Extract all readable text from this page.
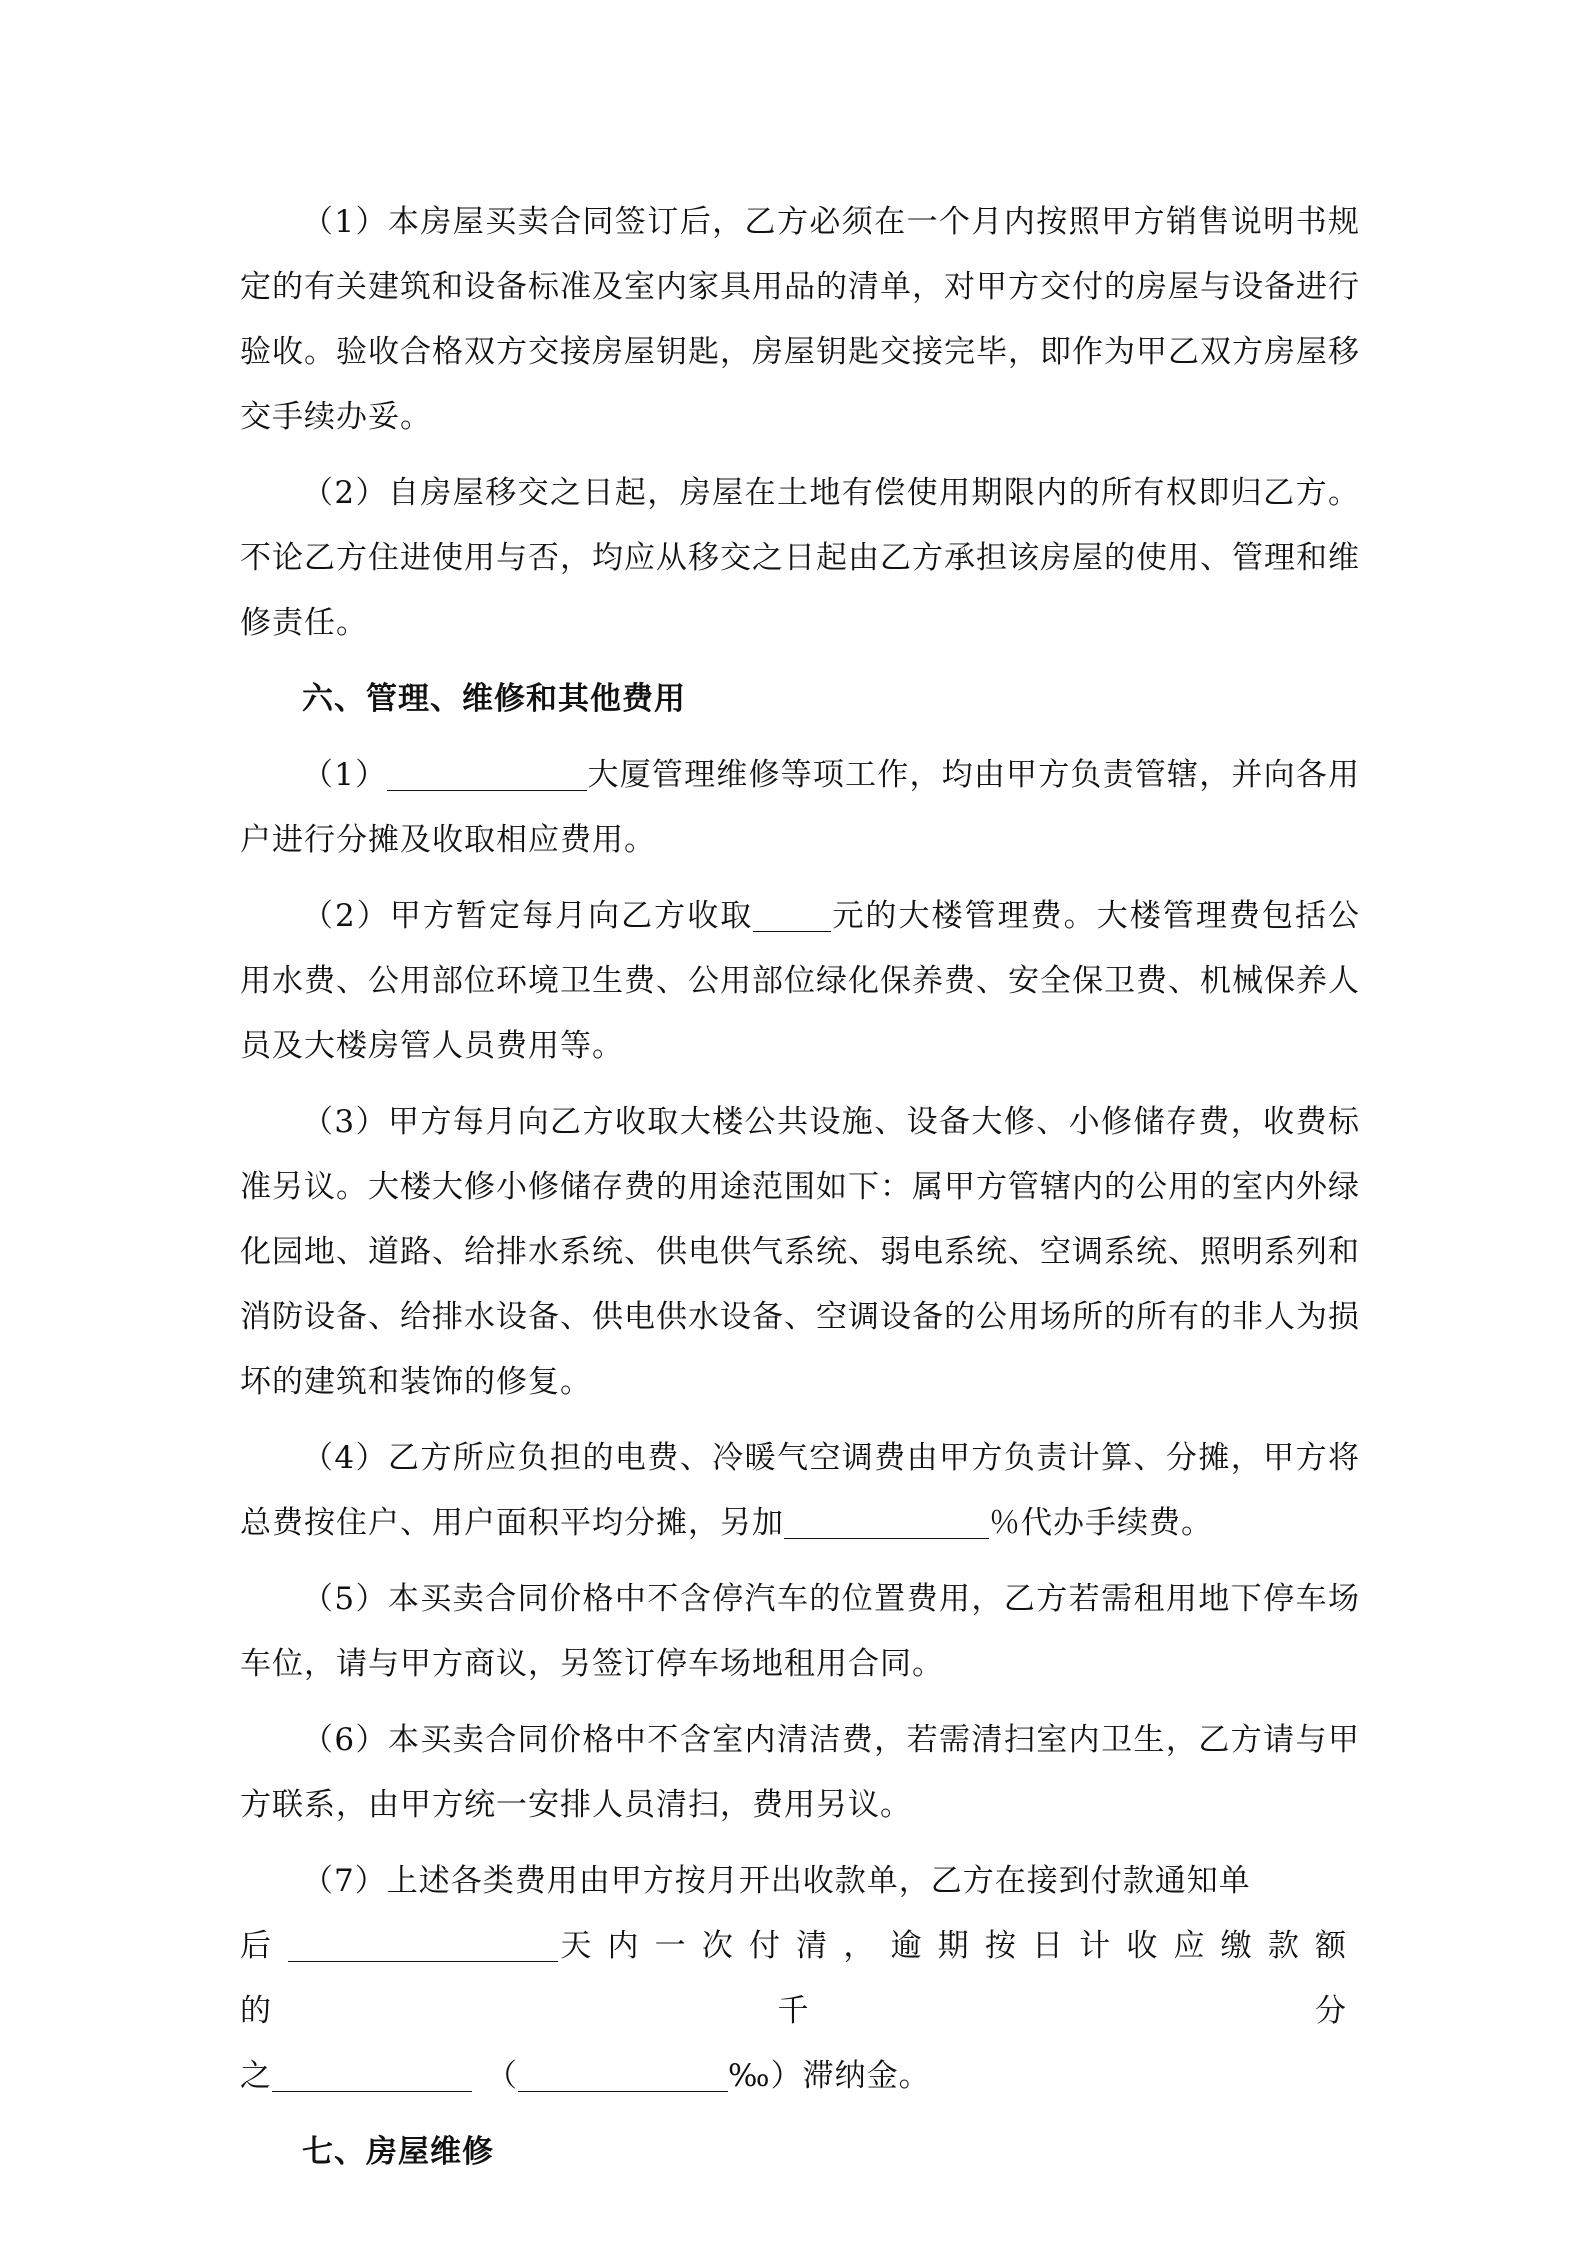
（1）本房屋买卖合同签订后，乙方必须在一个月内按照甲方销售说明书规定的有关建筑和设备标准及室内家具用品的清单，对甲方交付的房屋与设备进行验收。验收合格双方交接房屋钥匙，房屋钥匙交接完毕，即作为甲乙双方房屋移交手续办妥。

（2）自房屋移交之日起，房屋在土地有偿使用期限内的所有权即归乙方。不论乙方住进使用与否，均应从移交之日起由乙方承担该房屋的使用、管理和维修责任。

六、管理、维修和其他费用

（1）	大厦管理维修等项工作，均由甲方负责管辖，并向各用户进行分摊及收取相应费用。

（2）甲方暂定每月向乙方收取	元的大楼管理费。大楼管理费包括公用水费、公用部位环境卫生费、公用部位绿化保养费、安全保卫费、机械保养人员及大楼房管人员费用等。

（3）甲方每月向乙方收取大楼公共设施、设备大修、小修储存费，收费标准另议。大楼大修小修储存费的用途范围如下：属甲方管辖内的公用的室内外绿化园地、道路、给排水系统、供电供气系统、弱电系统、空调系统、照明系列和消防设备、给排水设备、供电供水设备、空调设备的公用场所的所有的非人为损坏的建筑和装饰的修复。

（4）乙方所应负担的电费、冷暖气空调费由甲方负责计算、分摊，甲方将总费按住户、用户面积平均分摊，另加	％代办手续费。

（5）本买卖合同价格中不含停汽车的位置费用，乙方若需租用地下停车场车位，请与甲方商议，另签订停车场地租用合同。

（6）本买卖合同价格中不含室内清洁费，若需清扫室内卫生，乙方请与甲方联系，由甲方统一安排人员清扫，费用另议。

（7）上述各类费用由甲方按月开出收款单，乙方在接到付款通知单

后	天内一次付清，逾期按日计收应缴款额的千分

之	（	‰）滞纳金。

七、房屋维修
